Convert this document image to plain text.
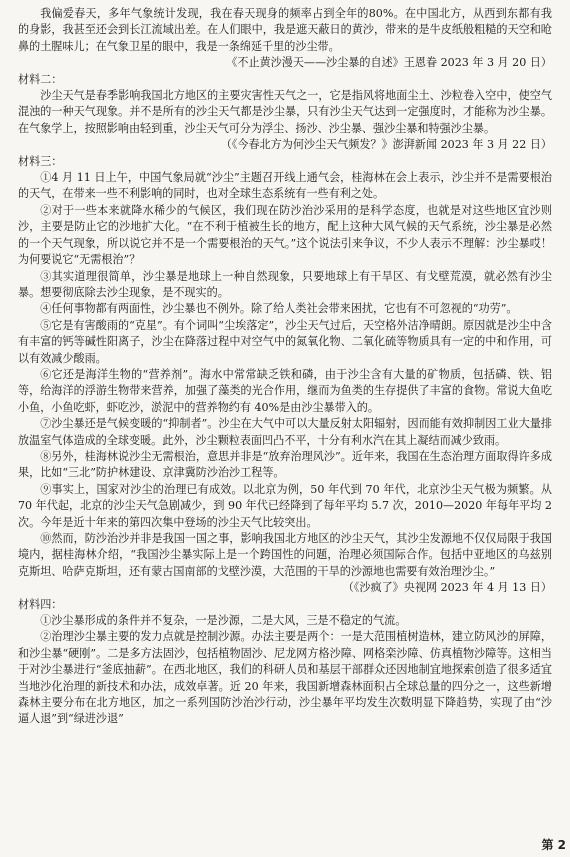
我偏爱春天，多年气象统计发现，我在春天现身的频率占到全年的80%。在中国北方，从西到东都有我的身影，我甚至还会到长江流域出差。在人们眼中，我是遮天蔽日的黄沙，带来的是牛皮纸般粗糙的天空和呛鼻的土腥味儿；在气象卫星的眼中，我是一条绵延千里的沙尘带。

《不止黄沙漫天——沙尘暴的自述》王恩眷 2023 年 3 月 20 日）

材料二：

沙尘天气是春季影响我国北方地区的主要灾害性天气之一，它是指风将地面尘土、沙粒卷入空中，使空气混浊的一种天气现象。并不是所有的沙尘天气都是沙尘暴，只有沙尘天气达到一定强度时，才能称为沙尘暴。在气象学上，按照影响由轻到重，沙尘天气可分为浮尘、扬沙、沙尘暴、强沙尘暴和特强沙尘暴。

（《今春北方为何沙尘天气频发？》澎湃新闻 2023 年 3 月 22 日）

材料三：

①4 月 11 日上午，中国气象局就“沙尘”主题召开线上通气会，桂海林在会上表示，沙尘并不是需要根治的天气，在带来一些不利影响的同时，也对全球生态系统有一些有利之处。

②对于一些本来就降水稀少的气候区，我们现在防沙治沙采用的是科学态度，也就是对这些地区宜沙则沙，主要是防止它的沙地扩大化。“在不利于植被生长的地方，配上这种大风气候的天气系统，沙尘暴是必然的一个天气现象，所以说它并不是一个需要根治的天气。”这个说法引来争议，不少人表示不理解：沙尘暴哎！为何要说它“无需根治”？

③其实道理很简单，沙尘暴是地球上一种自然现象，只要地球上有干旱区、有戈壁荒漠，就必然有沙尘暴。想要彻底除去沙尘现象，是不现实的。

④任何事物都有两面性，沙尘暴也不例外。除了给人类社会带来困扰，它也有不可忽视的“功劳”。

⑤它是有害酸雨的“克星”。有个词叫“尘埃落定”，沙尘天气过后，天空格外洁净晴朗。原因就是沙尘中含有丰富的钙等碱性阳离子，沙尘在降落过程中对空气中的氮氧化物、二氧化硫等物质具有一定的中和作用，可以有效减少酸雨。

⑥它还是海洋生物的“营养剂”。海水中常常缺乏铁和磷，由于沙尘含有大量的矿物质，包括磷、铁、铝等，给海洋的浮游生物带来营养，加强了藻类的光合作用，继而为鱼类的生存提供了丰富的食物。常说大鱼吃小鱼，小鱼吃虾，虾吃沙，淤泥中的营养物约有 40%是由沙尘暴带入的。

⑦沙尘暴还是气候变暖的“抑制者”。沙尘在大气中可以大量反射太阳辐射，因而能有效抑制因工业大量排放温室气体造成的全球变暖。此外，沙尘颗粒表面凹凸不平，十分有利水汽在其上凝结而减少致雨。

⑧另外，桂海林说沙尘无需根治，意思并非是“放弃治理风沙”。近年来，我国在生态治理方面取得许多成果，比如“三北”防护林建设、京津冀防沙治沙工程等。

⑨事实上，国家对沙尘的治理已有成效。以北京为例，50 年代到 70 年代，北京沙尘天气极为频繁。从 70 年代起，北京的沙尘天气急剧减少，到 90 年代已经降到了每年平均 5.7 次，2010—2020 年每年平均 2 次。今年是近十年来的第四次集中登场的沙尘天气比较突出。

⑩然而，防沙治沙并非是我国一国之事，影响我国北方地区的沙尘天气，其沙尘发源地不仅仅局限于我国境内，据桂海林介绍，“我国沙尘暴实际上是一个跨国性的问题，治理必须国际合作。包括中亚地区的乌兹别克斯坦、哈萨克斯坦，还有蒙古国南部的戈壁沙漠，大范围的干旱的沙源地也需要有效治理沙尘。”

（《沙疯了》央视网 2023 年 4 月 13 日）

材料四：

①沙尘暴形成的条件并不复杂，一是沙源，二是大风，三是不稳定的气流。

②治理沙尘暴主要的发力点就是控制沙源。办法主要是两个：一是大范围植树造林，建立防风沙的屏障，和沙尘暴“硬刚”。二是多方法固沙，包括植物固沙、尼龙网方格沙障、网格栾沙障、仿真植物沙障等。这相当于对沙尘暴进行“釜底抽薪”。在西北地区，我们的科研人员和基层干部群众还因地制宜地探索创造了很多适宜当地沙化治理的新技术和办法，成效卓著。近 20 年来，我国新增森林面积占全球总量的四分之一，这些新增森林主要分布在北方地区，加之一系列国防沙治沙行动，沙尘暴年平均发生次数明显下降趋势，实现了由“沙逼人退”到“绿进沙退”

第 2
